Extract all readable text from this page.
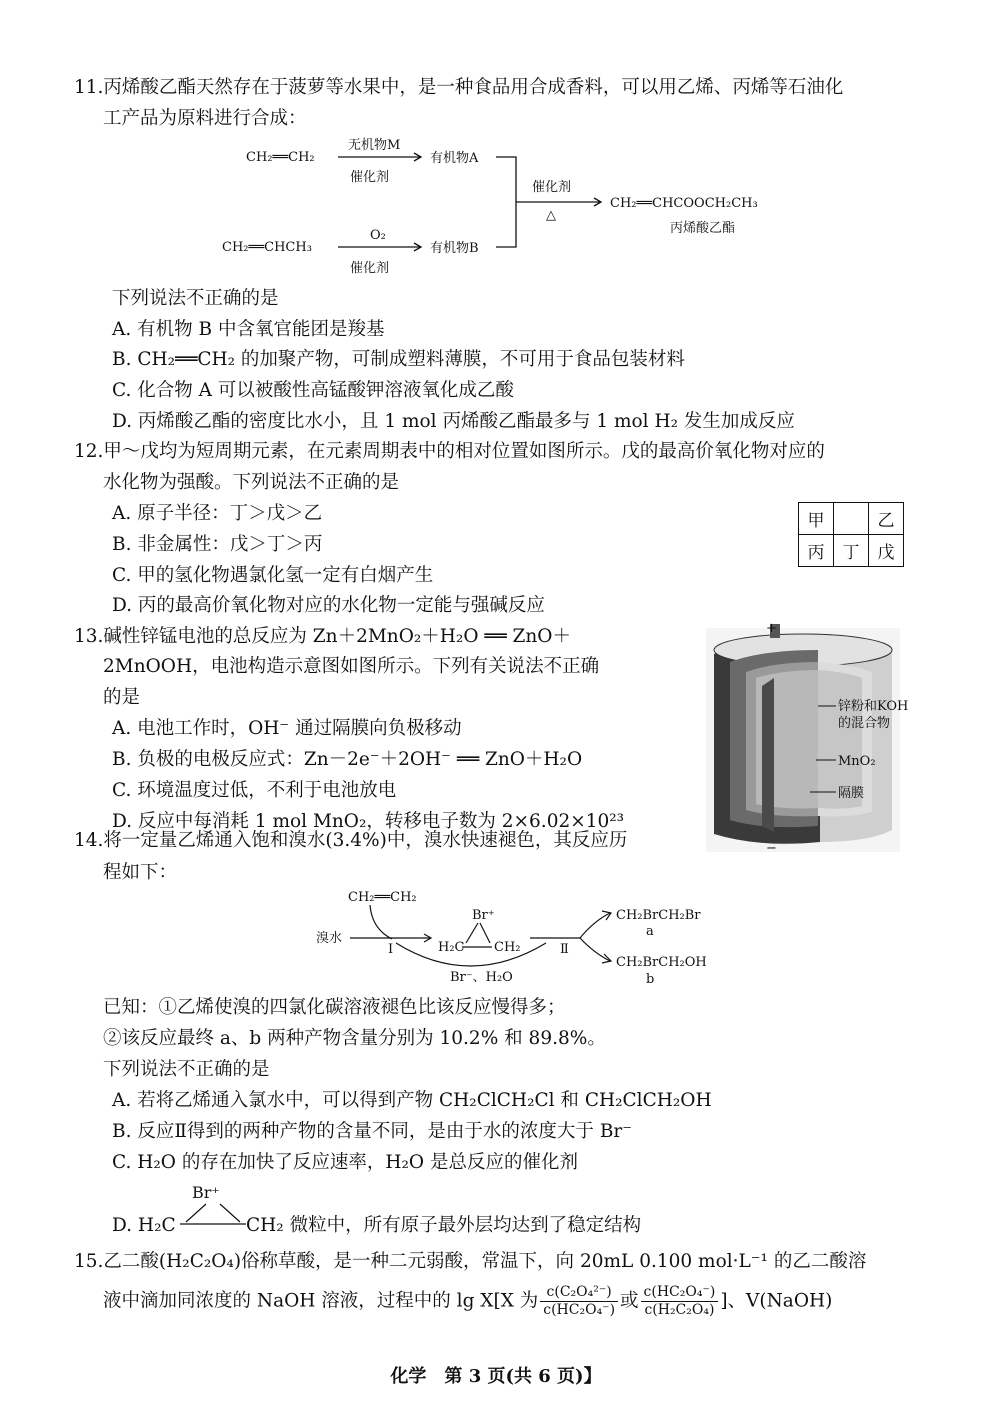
11.丙烯酸乙酯天然存在于菠萝等水果中，是一种食品用合成香料，可以用乙烯、丙烯等石油化
工产品为原料进行合成：
CH₂══CH₂
无机物M
催化剂
有机物A
CH₂══CHCH₃
O₂
催化剂
有机物B
催化剂
△
CH₂══CHCOOCH₂CH₃
丙烯酸乙酯
下列说法不正确的是
A. 有机物 B 中含氧官能团是羧基
B. CH₂══CH₂ 的加聚产物，可制成塑料薄膜，不可用于食品包装材料
C. 化合物 A 可以被酸性高锰酸钾溶液氧化成乙酸
D. 丙烯酸乙酯的密度比水小，且 1 mol 丙烯酸乙酯最多与 1 mol H₂ 发生加成反应
12.甲～戊均为短周期元素，在元素周期表中的相对位置如图所示。戊的最高价氧化物对应的
水化物为强酸。下列说法不正确的是
A. 原子半径：丁＞戊＞乙
B. 非金属性：戊＞丁＞丙
C. 甲的氢化物遇氯化氢一定有白烟产生
D. 丙的最高价氧化物对应的水化物一定能与强碱反应
甲		乙
丙	丁	戊
13.碱性锌锰电池的总反应为 Zn＋2MnO₂＋H₂O ══ ZnO＋
2MnOOH，电池构造示意图如图所示。下列有关说法不正确
的是
A. 电池工作时，OH⁻ 通过隔膜向负极移动
B. 负极的电极反应式：Zn－2e⁻＋2OH⁻ ══ ZnO＋H₂O
C. 环境温度过低，不利于电池放电
D. 反应中每消耗 1 mol MnO₂，转移电子数为 2×6.02×10²³
+
−
锌粉和KOH
的混合物
MnO₂
隔膜
14.将一定量乙烯通入饱和溴水(3.4%)中，溴水快速褪色，其反应历
程如下：
CH₂══CH₂
溴水
Ⅰ
Br⁺
H₂C CH₂
Br⁻、H₂O
Ⅱ
CH₂BrCH₂Br
a
CH₂BrCH₂OH
b
已知：①乙烯使溴的四氯化碳溶液褪色比该反应慢得多；
②该反应最终 a、b 两种产物含量分别为 10.2% 和 89.8%。
下列说法不正确的是
A. 若将乙烯通入氯水中，可以得到产物 CH₂ClCH₂Cl 和 CH₂ClCH₂OH
B. 反应Ⅱ得到的两种产物的含量不同，是由于水的浓度大于 Br⁻
C. H₂O 的存在加快了反应速率，H₂O 是总反应的催化剂
Br⁺
D. H₂C	CH₂ 微粒中，所有原子最外层均达到了稳定结构
15.乙二酸(H₂C₂O₄)俗称草酸，是一种二元弱酸，常温下，向 20mL 0.100 mol·L⁻¹ 的乙二酸溶
液中滴加同浓度的 NaOH 溶液，过程中的 lg X[X 为 $\frac{\text{c(C₂O₄²⁻)}}{\text{c(HC₂O₄⁻)}}$ 或 $\frac{\text{c(HC₂O₄⁻)}}{\text{c(H₂C₂O₄)}}$ ]、V(NaOH)
化学　第 3 页(共 6 页)】
